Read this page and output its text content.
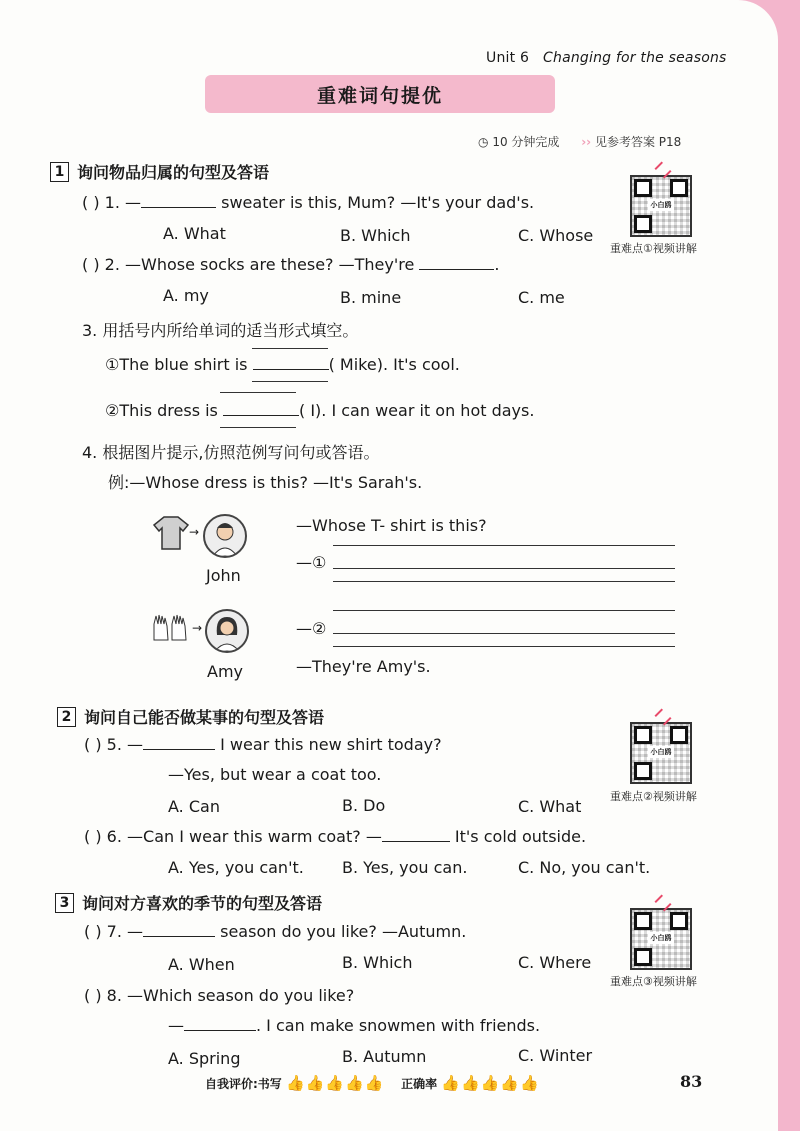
Unit 6 Changing for the seasons
重难词句提优
◷ 10 分钟完成 ›› 见参考答案 P18
1 询问物品归属的句型及答语
小白鸥
重难点①视频讲解
( ) 1. —	sweater is this, Mum? —It's your dad's.
A. What	B. Which	C. Whose
( ) 2. —Whose socks are these? —They're	.
A. my	B. mine	C. me
3. 用括号内所给单词的适当形式填空。
①The blue shirt is	( Mike). It's cool.
②This dress is	( I). I can wear it on hot days.
4. 根据图片提示,仿照范例写问句或答语。
例:—Whose dress is this? —It's Sarah's.
→
John
—Whose T- shirt is this?
—①
→
Amy
—②
—They're Amy's.
2 询问自己能否做某事的句型及答语
小白鸥
重难点②视频讲解
( ) 5. —	I wear this new shirt today?
—Yes, but wear a coat too.
A. Can	B. Do	C. What
( ) 6. —Can I wear this warm coat? —	It's cold outside.
A. Yes, you can't. B. Yes, you can.	C. No, you can't.
3 询问对方喜欢的季节的句型及答语
小白鸥
重难点③视频讲解
( ) 7. —	season do you like? —Autumn.
A. When	B. Which	C. Where
( ) 8. —Which season do you like?
—	. I can make snowmen with friends.
A. Spring	B. Autumn	C. Winter
自我评价:书写 👍👍👍👍👍 正确率 👍👍👍👍👍	83
